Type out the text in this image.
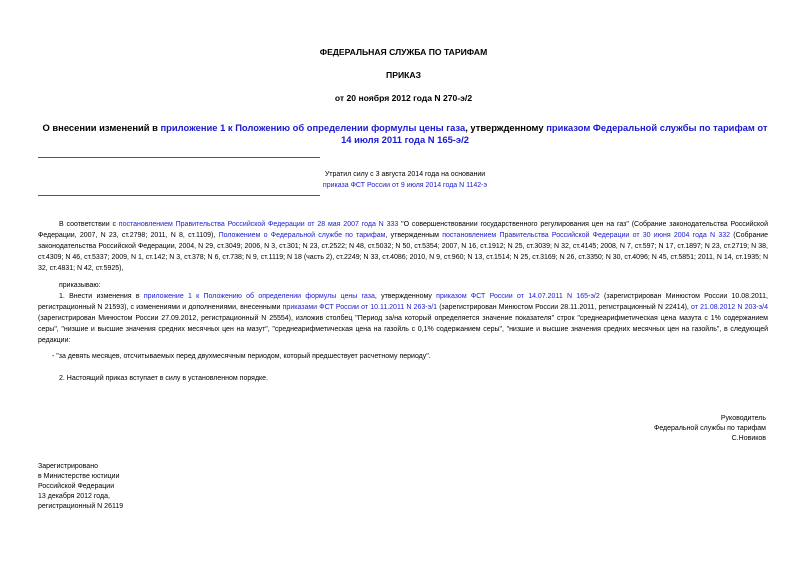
ФЕДЕРАЛЬНАЯ СЛУЖБА ПО ТАРИФАМ
ПРИКАЗ
от 20 ноября 2012 года N 270-э/2
О внесении изменений в приложение 1 к Положению об определении формулы цены газа, утвержденному приказом Федеральной службы по тарифам от 14 июля 2011 года N 165-э/2
Утратил силу с 3 августа 2014 года на основании
приказа ФСТ России от 9 июля 2014 года N 1142-э
В соответствии с постановлением Правительства Российской Федерации от 28 мая 2007 года N 333 "О совершенствовании государственного регулирования цен на газ" (Собрание законодательства Российской Федерации, 2007, N 23, ст.2798; 2011, N 8, ст.1109), Положением о Федеральной службе по тарифам, утвержденным постановлением Правительства Российской Федерации от 30 июня 2004 года N 332 (Собрание законодательства Российской Федерации, 2004, N 29, ст.3049; 2006, N 3, ст.301; N 23, ст.2522; N 48, ст.5032; N 50, ст.5354; 2007, N 16, ст.1912; N 25, ст.3039; N 32, ст.4145; 2008, N 7, ст.597; N 17, ст.1897; N 23, ст.2719; N 38, ст.4309; N 46, ст.5337; 2009, N 1, ст.142; N 3, ст.378; N 6, ст.738; N 9, ст.1119; N 18 (часть 2), ст.2249; N 33, ст.4086; 2010, N 9, ст.960; N 13, ст.1514; N 25, ст.3169; N 26, ст.3350; N 30, ст.4096; N 45, ст.5851; 2011, N 14, ст.1935; N 32, ст.4831; N 42, ст.5925),
приказываю:
1. Внести изменения в приложение 1 к Положению об определении формулы цены газа, утвержденному приказом ФСТ России от 14.07.2011 N 165-э/2 (зарегистрирован Минюстом России 10.08.2011, регистрационный N 21593), с изменениями и дополнениями, внесенными приказами ФСТ России от 10.11.2011 N 263-э/1 (зарегистрирован Минюстом России 28.11.2011, регистрационный N 22414), от 21.08.2012 N 203-э/4 (зарегистрирован Минюстом России 27.09.2012, регистрационный N 25554), изложив столбец "Период за/на который определяется значение показателя" строк "среднеарифметическая цена мазута с 1% содержанием серы", "низшие и высшие значения средних месячных цен на мазут", "среднеарифметическая цена на газойль с 0,1% содержанием серы", "низшие и высшие значения средних месячных цен на газойль", в следующей редакции:
- "за девять месяцев, отсчитываемых перед двухмесячным периодом, который предшествует расчетному периоду".
2. Настоящий приказ вступает в силу в установленном порядке.
Руководитель
Федеральной службы по тарифам
С.Новиков
Зарегистрировано
в Министерстве юстиции
Российской Федерации
13 декабря 2012 года,
регистрационный N 26119
